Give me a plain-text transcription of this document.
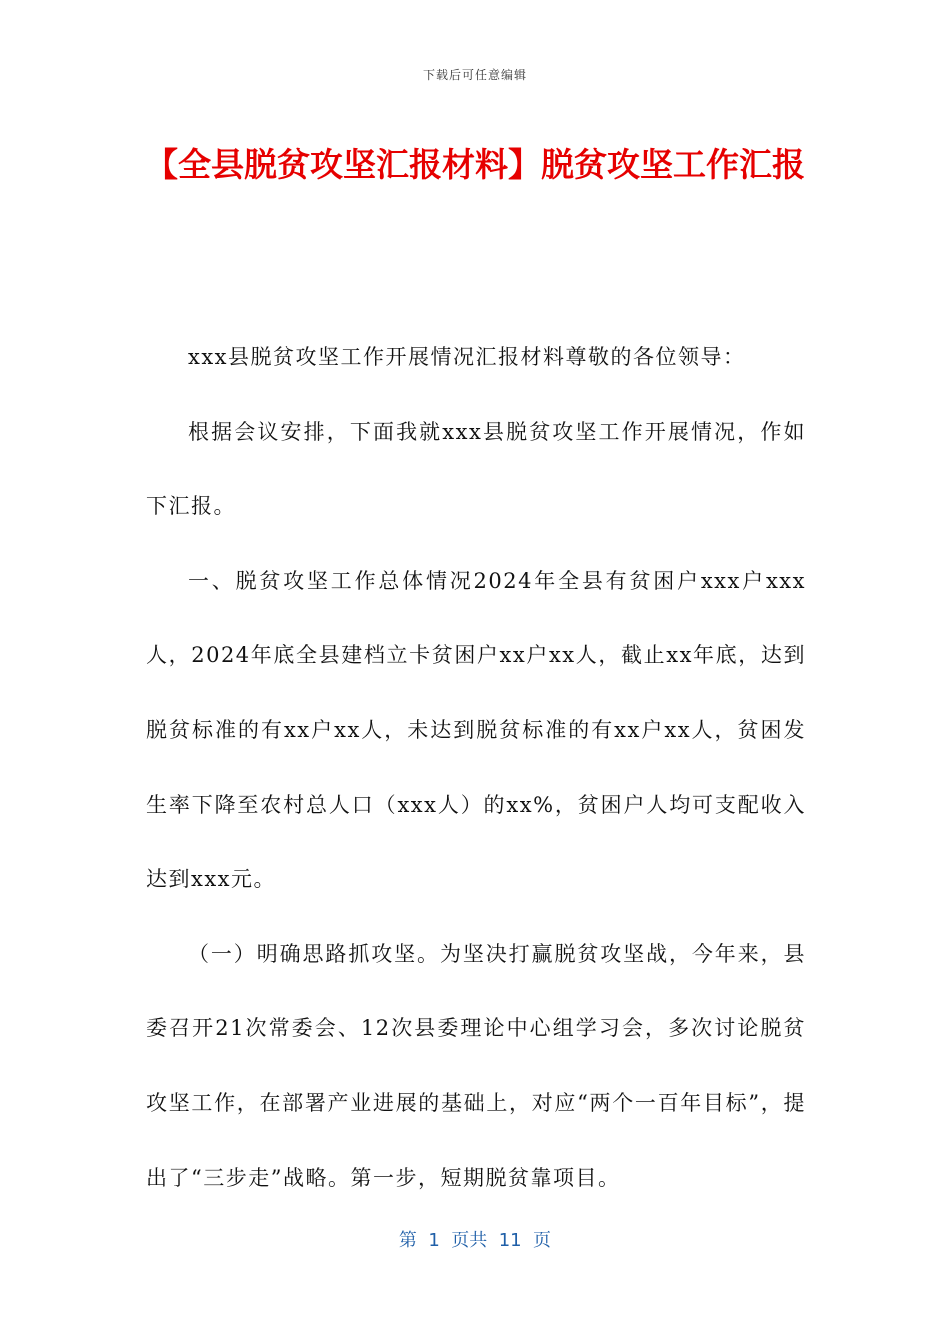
下载后可任意编辑
【全县脱贫攻坚汇报材料】脱贫攻坚工作汇报

xxx县脱贫攻坚工作开展情况汇报材料尊敬的各位领导：

根据会议安排，下面我就xxx县脱贫攻坚工作开展情况，作如下汇报。

一、脱贫攻坚工作总体情况2024年全县有贫困户xxx户xxx人，2024年底全县建档立卡贫困户xx户xx人，截止xx年底，达到脱贫标准的有xx户xx人，未达到脱贫标准的有xx户xx人，贫困发生率下降至农村总人口（xxx人）的xx%，贫困户人均可支配收入达到xxx元。

（一）明确思路抓攻坚。为坚决打赢脱贫攻坚战，今年来，县委召开21次常委会、12次县委理论中心组学习会，多次讨论脱贫攻坚工作，在部署产业进展的基础上，对应“两个一百年目标”，提出了“三步走”战略。第一步，短期脱贫靠项目。

第  1  页共  11  页
